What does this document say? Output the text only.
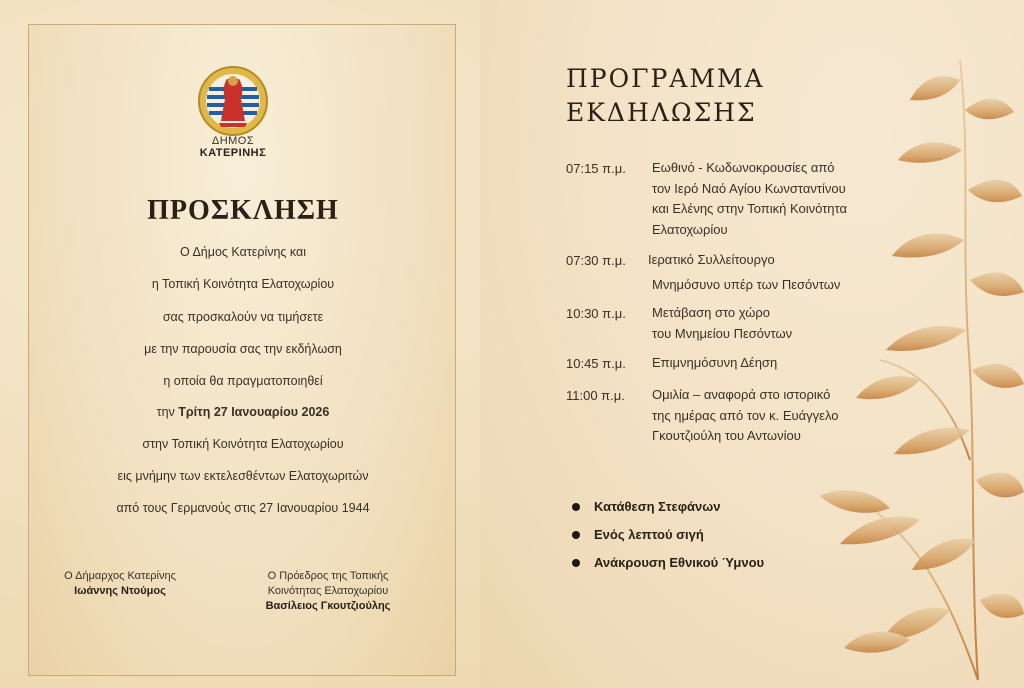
ΔΗΜΟΣ
ΚΑΤΕΡΙΝΗΣ
ΠΡΟΣΚΛΗΣΗ
Ο Δήμος Κατερίνης και
η Τοπική Κοινότητα Ελατοχωρίου
σας προσκαλούν να τιμήσετε
με την παρουσία σας την εκδήλωση
η οποία θα πραγματοποιηθεί
την Τρίτη 27 Ιανουαρίου 2026
στην Τοπική Κοινότητα Ελατοχωρίου
εις μνήμην των εκτελεσθέντων Ελατοχωριτών
από τους Γερμανούς στις 27 Ιανουαρίου 1944
Ο Δήμαρχος Κατερίνης
Ιωάννης Ντούμος
Ο Πρόεδρος της Τοπικής
Κοινότητας Ελατοχωρίου
Βασίλειος Γκουτζιούλης
ΠΡΟΓΡΑΜΜΑ
ΕΚΔΗΛΩΣΗΣ
07:15 π.μ. Εωθινό - Κωδωνοκρουσίες από
τον Ιερό Ναό Αγίου Κωνσταντίνου
και Ελένης στην Τοπική Κοινότητα
Ελατοχωρίου
07:30 π.μ. Ιερατικό Συλλείτουργο
Μνημόσυνο υπέρ των Πεσόντων
10:30 π.μ. Μετάβαση στο χώρο
του Μνημείου Πεσόντων
10:45 π.μ. Επιμνημόσυνη Δέηση
11:00 π.μ. Ομιλία – αναφορά στο ιστορικό
της ημέρας από τον κ. Ευάγγελο
Γκουτζιούλη του Αντωνίου
Κατάθεση Στεφάνων
Ενός λεπτού σιγή
Ανάκρουση Εθνικού Ύμνου
